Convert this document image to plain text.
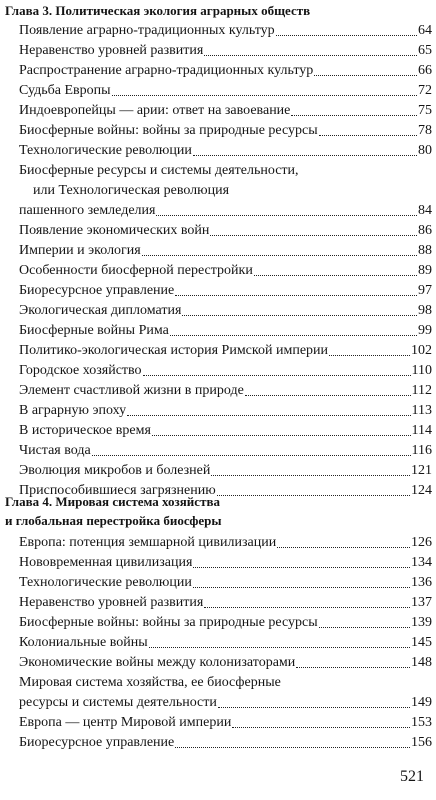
Глава 3. Политическая экология аграрных обществ
Появление аграрно-традиционных культур	64
Неравенство уровней развития	65
Распространение аграрно-традиционных культур	66
Судьба Европы	72
Индоевропейцы — арии: ответ на завоевание	75
Биосферные войны: войны за природные ресурсы	78
Технологические революции	80
Биосферные ресурсы и системы деятельности,
или Технологическая революция
пашенного земледелия	84
Появление экономических войн	86
Империи и экология	88
Особенности биосферной перестройки	89
Биоресурсное управление	97
Экологическая дипломатия	98
Биосферные войны Рима	99
Политико-экологическая история Римской империи	102
Городское хозяйство	110
Элемент счастливой жизни в природе	112
В аграрную эпоху	113
В историческое время	114
Чистая вода	116
Эволюция микробов и болезней	121
Приспособившиеся загрязнению	124
Глава 4. Мировая система хозяйства
и глобальная перестройка биосферы
Европа: потенция земшарной цивилизации	126
Нововременная цивилизация	134
Технологические революции	136
Неравенство уровней развития	137
Биосферные войны: войны за природные ресурсы	139
Колониальные войны	145
Экономические войны между колонизаторами	148
Мировая система хозяйства, ее биосферные
ресурсы и системы деятельности	149
Европа — центр Мировой империи	153
Биоресурсное управление	156
521
